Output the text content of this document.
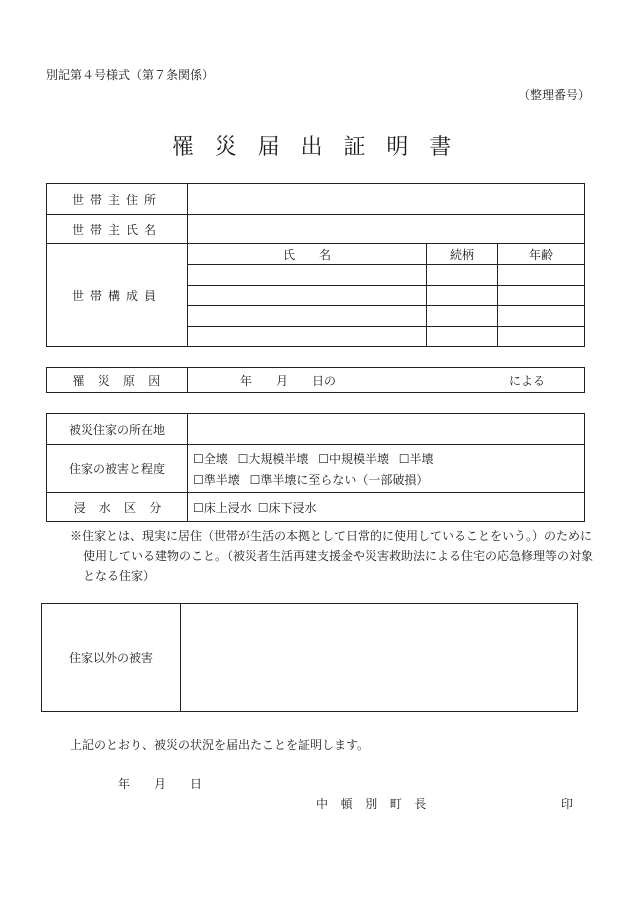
別記第４号様式（第７条関係）
（整理番号）
罹災届出証明書
世帯主住所
世帯主氏名
世帯構成員
氏　　名	続柄	年齢
罹災原因	年　　月　　日の	による
被災住家の所在地
住家の被害と程度
☐全壊 ☐大規模半壊 ☐中規模半壊 ☐半壊
☐準半壊 ☐準半壊に至らない（一部破損）
浸水区分	☐床上浸水 ☐床下浸水
※住家とは、現実に居住（世帯が生活の本拠として日常的に使用していることをいう。）のために
使用している建物のこと。（被災者生活再建支援金や災害救助法による住宅の応急修理等の対象
となる住家）
住家以外の被害
上記のとおり、被災の状況を届出たことを証明します。
年　　月　　日
中頓別町長	印
